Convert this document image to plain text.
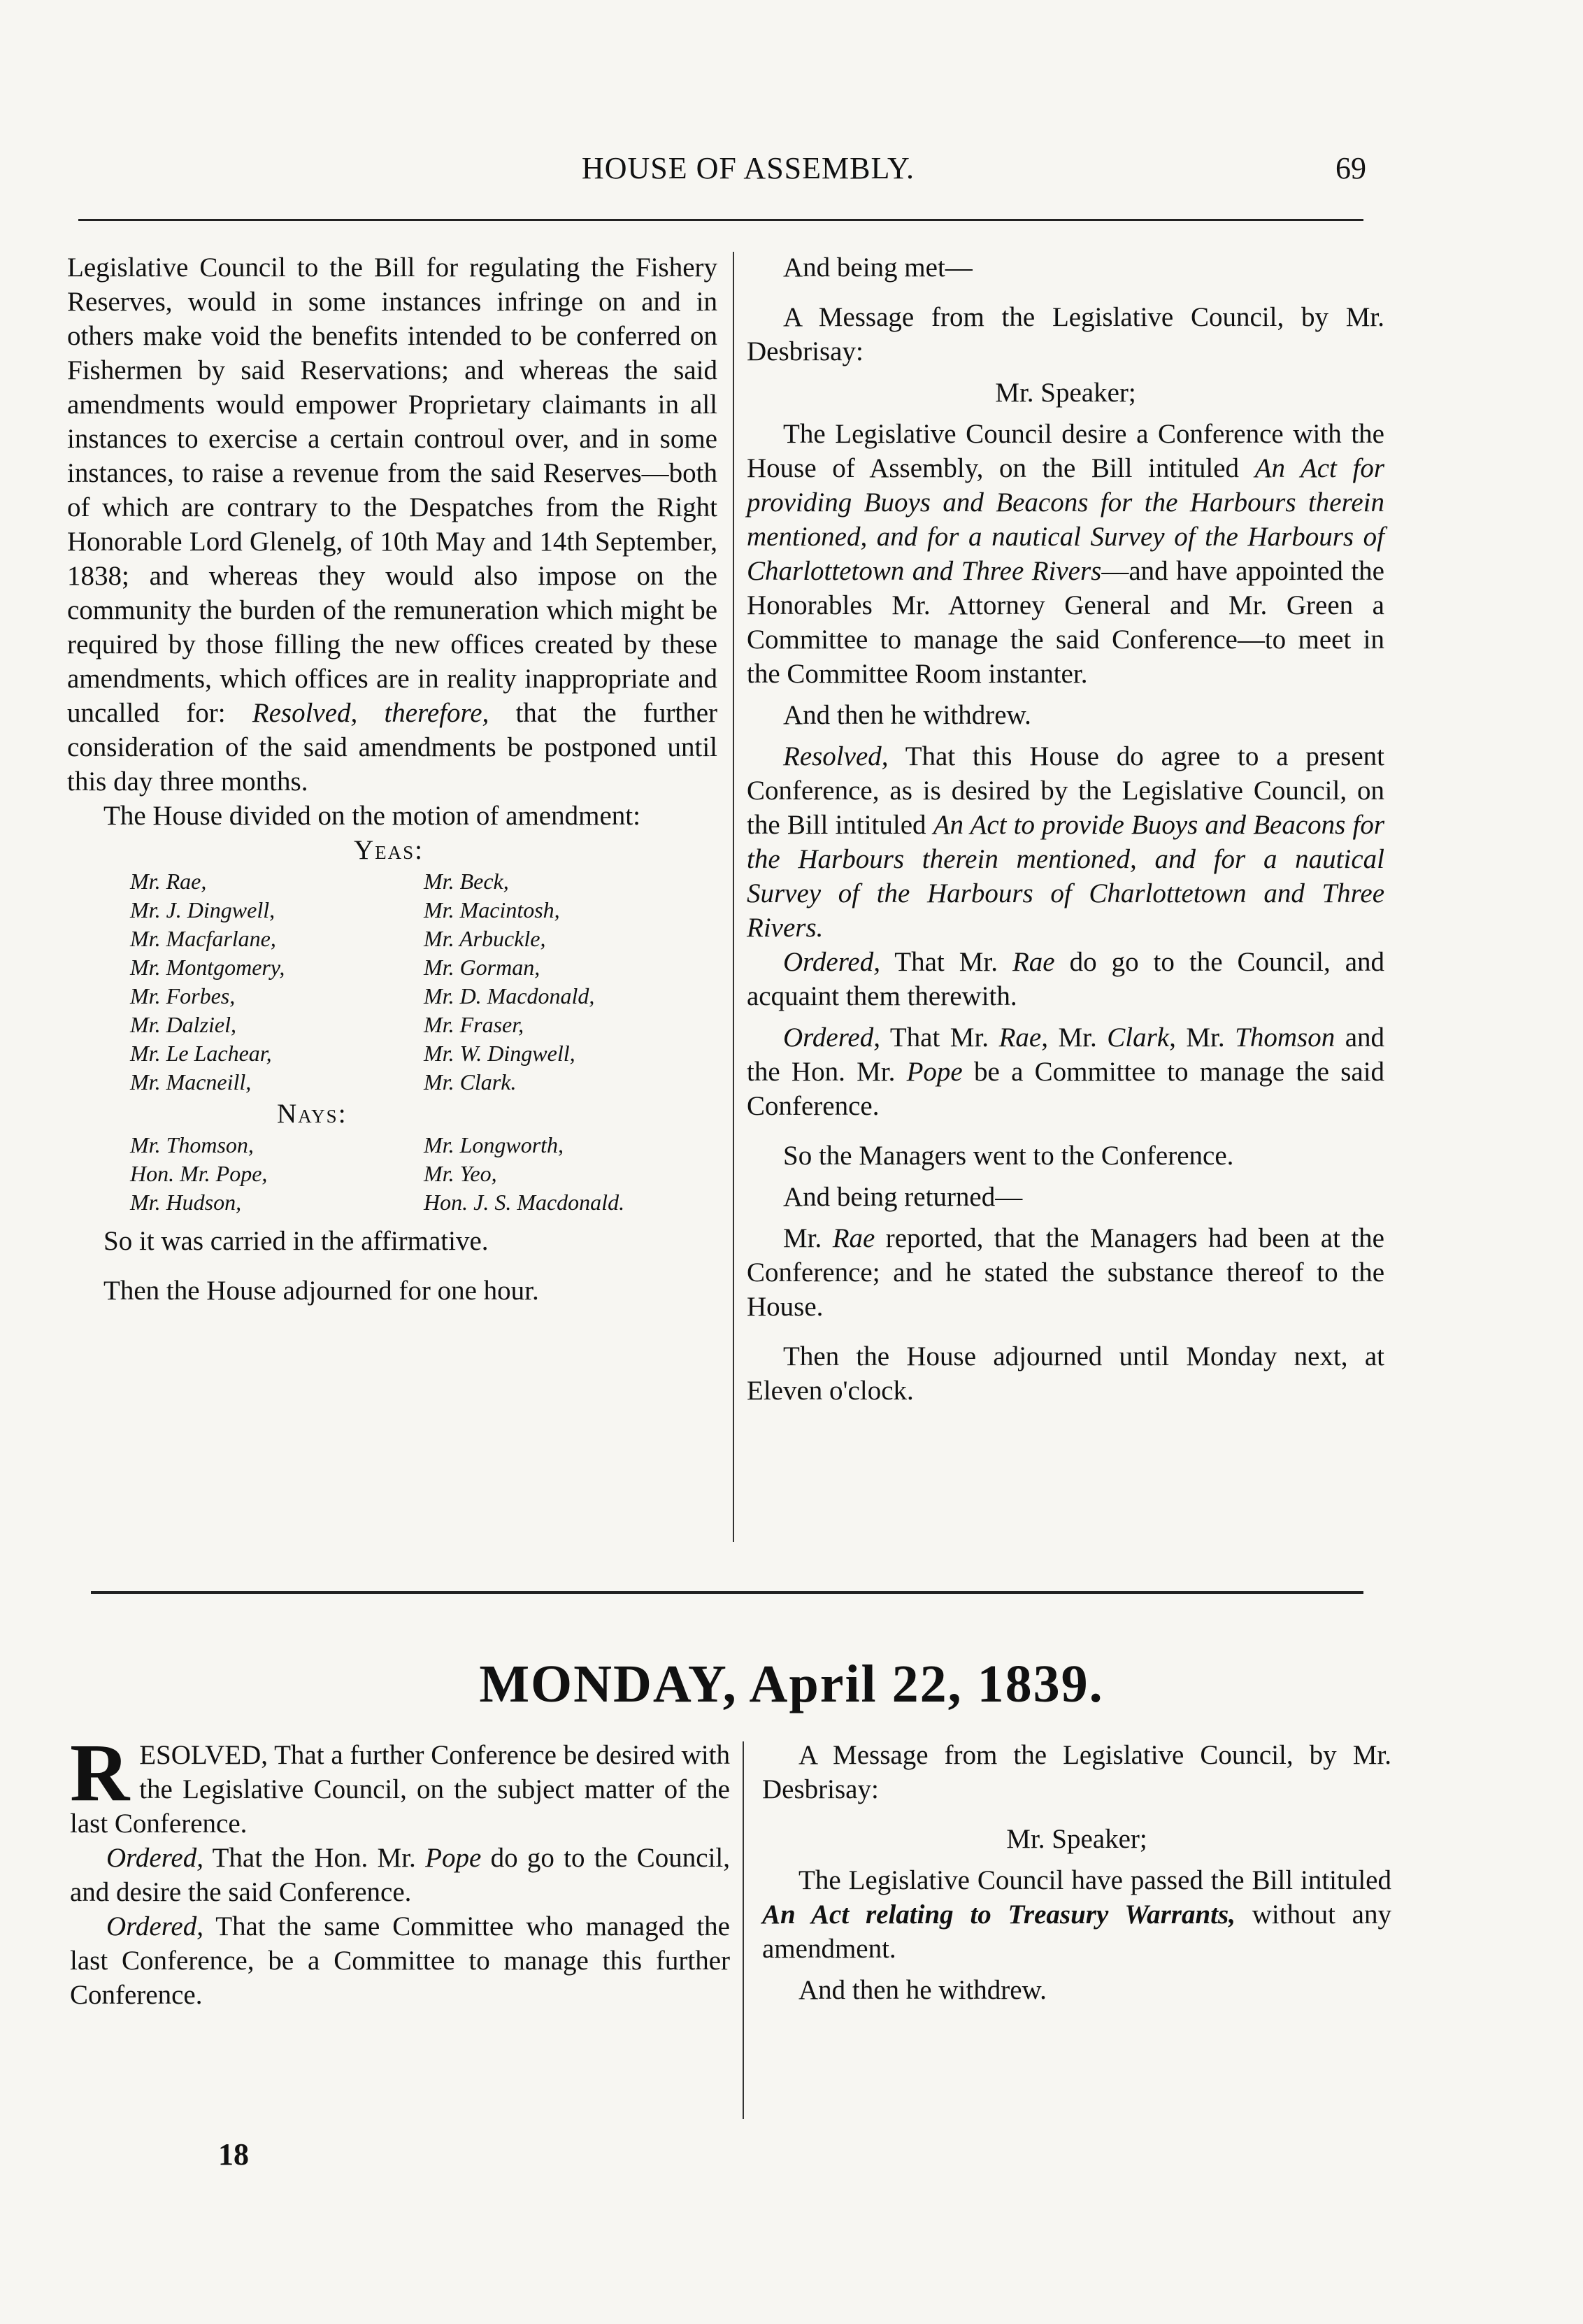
HOUSE OF ASSEMBLY.	69

Legislative Council to the Bill for regulating the Fishery Reserves, would in some instances infringe on and in others make void the benefits intended to be conferred on Fishermen by said Reservations; and whereas the said amendments would empower Proprietary claimants in all instances to exercise a certain controul over, and in some instances, to raise a revenue from the said Reserves—both of which are contrary to the Despatches from the Right Honorable Lord Glenelg, of 10th May and 14th September, 1838; and whereas they would also impose on the community the burden of the remuneration which might be required by those filling the new offices created by these amendments, which offices are in reality inappropriate and uncalled for: Resolved, therefore, that the further consideration of the said amendments be postponed until this day three months.

The House divided on the motion of amendment:

Yeas:
Mr. Rae,	Mr. Beck,
Mr. J. Dingwell,	Mr. Macintosh,
Mr. Macfarlane,	Mr. Arbuckle,
Mr. Montgomery,	Mr. Gorman,
Mr. Forbes,	Mr. D. Macdonald,
Mr. Dalziel,	Mr. Fraser,
Mr. Le Lachear,	Mr. W. Dingwell,
Mr. Macneill,	Mr. Clark.
Nays:
Mr. Thomson,	Mr. Longworth,
Hon. Mr. Pope,	Mr. Yeo,
Mr. Hudson,	Hon. J. S. Macdonald.

So it was carried in the affirmative.

Then the House adjourned for one hour.

And being met—

A Message from the Legislative Council, by Mr. Desbrisay:

Mr. Speaker;

The Legislative Council desire a Conference with the House of Assembly, on the Bill intituled An Act for providing Buoys and Beacons for the Harbours therein mentioned, and for a nautical Survey of the Harbours of Charlottetown and Three Rivers—and have appointed the Honorables Mr. Attorney General and Mr. Green a Committee to manage the said Conference—to meet in the Committee Room instanter.

And then he withdrew.

Resolved, That this House do agree to a present Conference, as is desired by the Legislative Council, on the Bill intituled An Act to provide Buoys and Beacons for the Harbours therein mentioned, and for a nautical Survey of the Harbours of Charlottetown and Three Rivers.

Ordered, That Mr. Rae do go to the Council, and acquaint them therewith.

Ordered, That Mr. Rae, Mr. Clark, Mr. Thomson and the Hon. Mr. Pope be a Committee to manage the said Conference.

So the Managers went to the Conference.

And being returned—

Mr. Rae reported, that the Managers had been at the Conference; and he stated the substance thereof to the House.

Then the House adjourned until Monday next, at Eleven o'clock.

MONDAY, April 22, 1839.

R ESOLVED, That a further Conference be desired with the Legislative Council, on the subject matter of the last Conference.

Ordered, That the Hon. Mr. Pope do go to the Council, and desire the said Conference.

Ordered, That the same Committee who managed the last Conference, be a Committee to manage this further Conference.

A Message from the Legislative Council, by Mr. Desbrisay:

Mr. Speaker;

The Legislative Council have passed the Bill intituled An Act relating to Treasury Warrants, without any amendment.

And then he withdrew.

18
